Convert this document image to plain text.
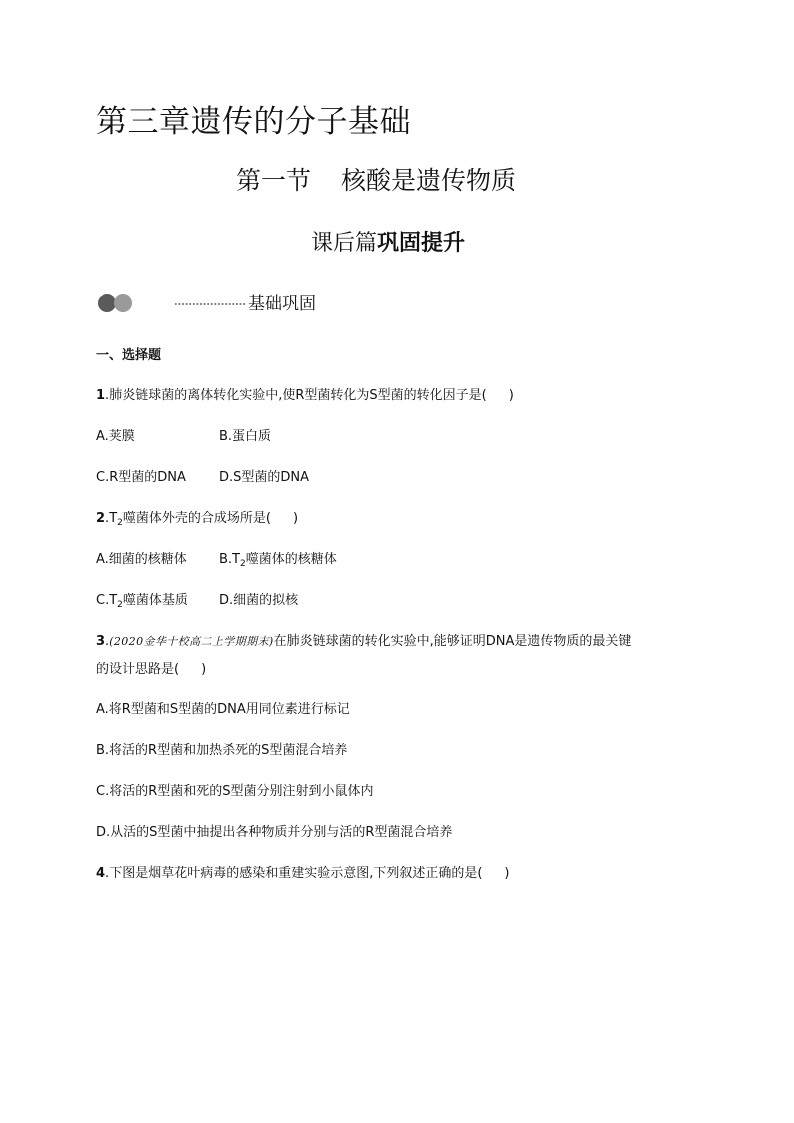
第三章遗传的分子基础
第一节 核酸是遗传物质
课后篇巩固提升
基础巩固
一、选择题
1.肺炎链球菌的离体转化实验中,使R型菌转化为S型菌的转化因子是( )
A.荚膜	B.蛋白质
C.R型菌的DNA	D.S型菌的DNA
$2.T_2$噬菌体外壳的合成场所是( )
A.细菌的核糖体 $B.T_2$噬菌体的核糖体
$C.T_2$噬菌体基质 D.细菌的拟核
3.(2020金华十校高二上学期期末)在肺炎链球菌的转化实验中,能够证明DNA是遗传物质的最关键
的设计思路是( )
A.将R型菌和S型菌的DNA用同位素进行标记
B.将活的R型菌和加热杀死的S型菌混合培养
C.将活的R型菌和死的S型菌分别注射到小鼠体内
D.从活的S型菌中抽提出各种物质并分别与活的R型菌混合培养
4.下图是烟草花叶病毒的感染和重建实验示意图,下列叙述正确的是( )
